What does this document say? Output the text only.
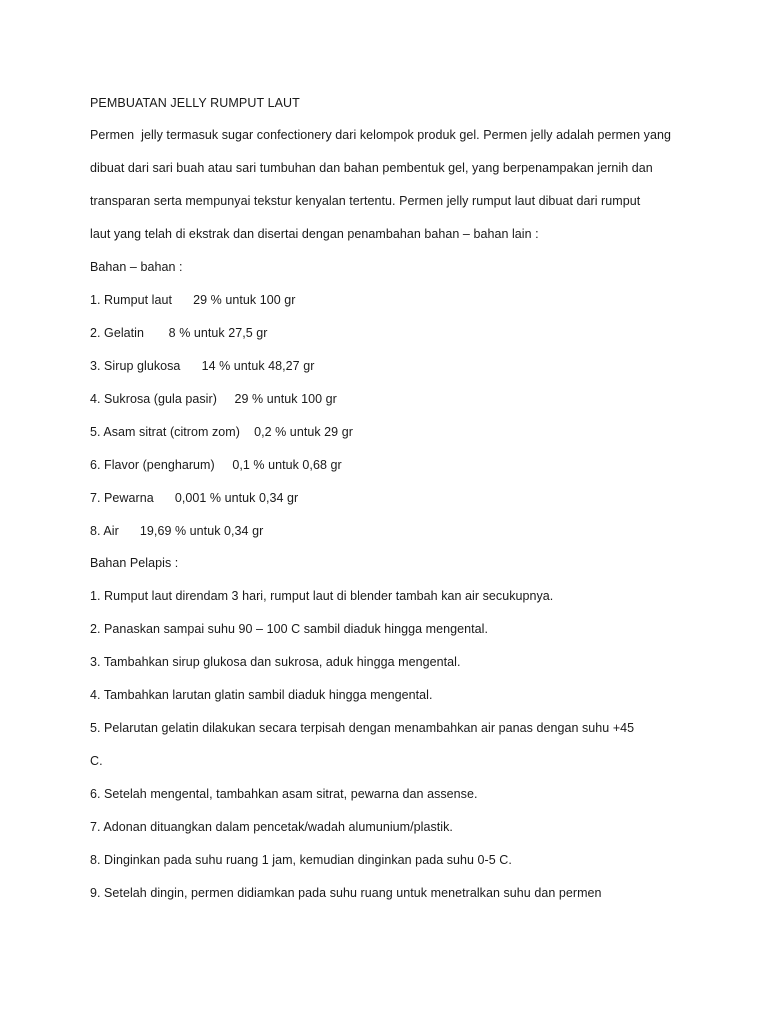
PEMBUATAN JELLY RUMPUT LAUT

Permen  jelly termasuk sugar confectionery dari kelompok produk gel. Permen jelly adalah permen yang

dibuat dari sari buah atau sari tumbuhan dan bahan pembentuk gel, yang berpenampakan jernih dan

transparan serta mempunyai tekstur kenyalan tertentu. Permen jelly rumput laut dibuat dari rumput

laut yang telah di ekstrak dan disertai dengan penambahan bahan – bahan lain :

Bahan – bahan :

1. Rumput laut      29 % untuk 100 gr

2. Gelatin       8 % untuk 27,5 gr

3. Sirup glukosa      14 % untuk 48,27 gr

4. Sukrosa (gula pasir)     29 % untuk 100 gr

5. Asam sitrat (citrom zom)    0,2 % untuk 29 gr

6. Flavor (pengharum)     0,1 % untuk 0,68 gr

7. Pewarna      0,001 % untuk 0,34 gr

8. Air      19,69 % untuk 0,34 gr

Bahan Pelapis :

1. Rumput laut direndam 3 hari, rumput laut di blender tambah kan air secukupnya.

2. Panaskan sampai suhu 90 – 100 C sambil diaduk hingga mengental.

3. Tambahkan sirup glukosa dan sukrosa, aduk hingga mengental.

4. Tambahkan larutan glatin sambil diaduk hingga mengental.

5. Pelarutan gelatin dilakukan secara terpisah dengan menambahkan air panas dengan suhu +45

C.

6. Setelah mengental, tambahkan asam sitrat, pewarna dan assense.

7. Adonan dituangkan dalam pencetak/wadah alumunium/plastik.

8. Dinginkan pada suhu ruang 1 jam, kemudian dinginkan pada suhu 0-5 C.

9. Setelah dingin, permen didiamkan pada suhu ruang untuk menetralkan suhu dan permen
